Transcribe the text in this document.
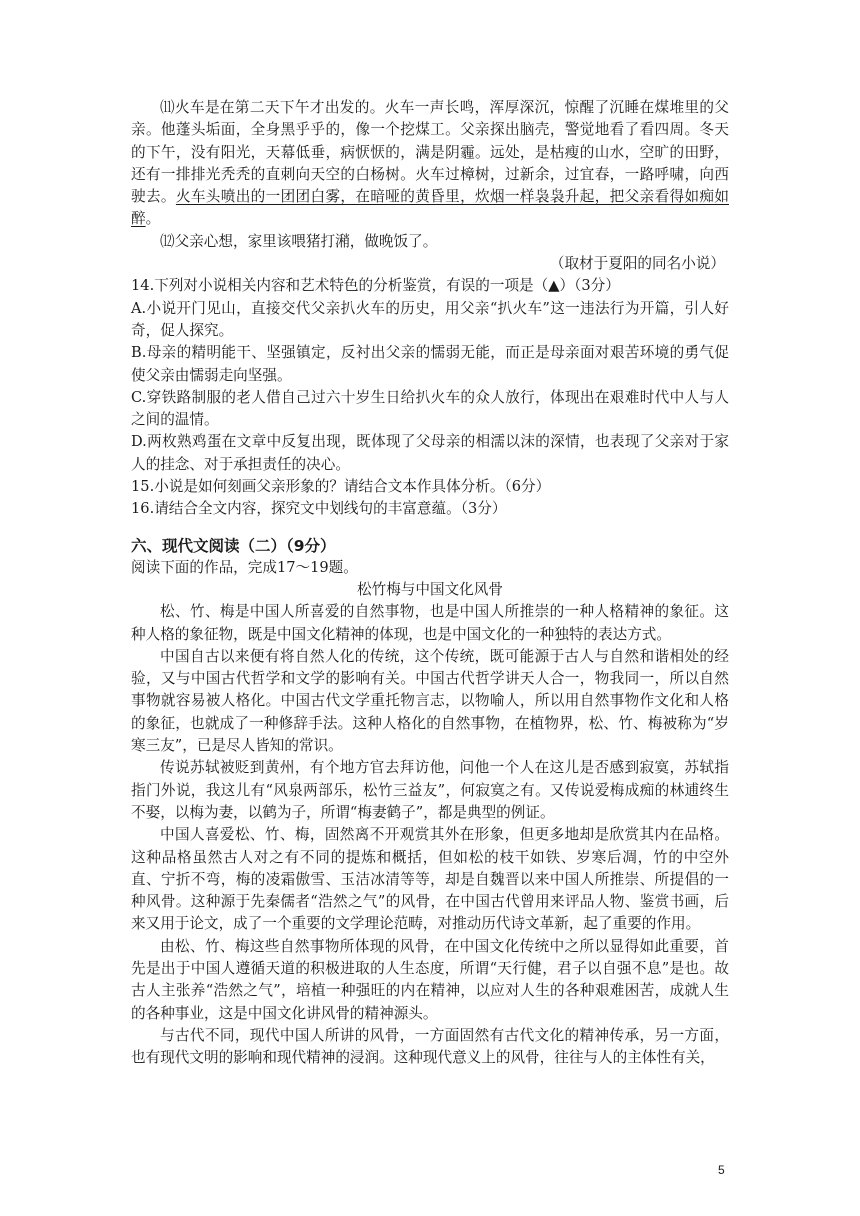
⑾火车是在第二天下午才出发的。火车一声长鸣，浑厚深沉，惊醒了沉睡在煤堆里的父亲。他蓬头垢面，全身黑乎乎的，像一个挖煤工。父亲探出脑壳，警觉地看了看四周。冬天的下午，没有阳光，天幕低垂，病恹恹的，满是阴霾。远处，是枯瘦的山水，空旷的田野，还有一排排光秃秃的直刺向天空的白杨树。火车过樟树，过新余，过宜春，一路呼啸，向西驶去。火车头喷出的一团团白雾，在暗哑的黄昏里，炊烟一样袅袅升起，把父亲看得如痴如醉。

⑿父亲心想，家里该喂猪打潲，做晚饭了。

（取材于夏阳的同名小说）

14.下列对小说相关内容和艺术特色的分析鉴赏，有误的一项是（▲）（3分）

A.小说开门见山，直接交代父亲扒火车的历史，用父亲“扒火车”这一违法行为开篇，引人好奇，促人探究。

B.母亲的精明能干、坚强镇定，反衬出父亲的懦弱无能，而正是母亲面对艰苦环境的勇气促使父亲由懦弱走向坚强。

C.穿铁路制服的老人借自己过六十岁生日给扒火车的众人放行，体现出在艰难时代中人与人之间的温情。

D.两枚熟鸡蛋在文章中反复出现，既体现了父母亲的相濡以沫的深情，也表现了父亲对于家人的挂念、对于承担责任的决心。

15.小说是如何刻画父亲形象的？请结合文本作具体分析。（6分）

16.请结合全文内容，探究文中划线句的丰富意蕴。（3分）

六、现代文阅读（二）（9分）

阅读下面的作品，完成17～19题。

松竹梅与中国文化风骨

松、竹、梅是中国人所喜爱的自然事物，也是中国人所推崇的一种人格精神的象征。这种人格的象征物，既是中国文化精神的体现，也是中国文化的一种独特的表达方式。

中国自古以来便有将自然人化的传统，这个传统，既可能源于古人与自然和谐相处的经验，又与中国古代哲学和文学的影响有关。中国古代哲学讲天人合一，物我同一，所以自然事物就容易被人格化。中国古代文学重托物言志，以物喻人，所以用自然事物作文化和人格的象征，也就成了一种修辞手法。这种人格化的自然事物，在植物界，松、竹、梅被称为“岁寒三友”，已是尽人皆知的常识。

传说苏轼被贬到黄州，有个地方官去拜访他，问他一个人在这儿是否感到寂寞，苏轼指指门外说，我这儿有“风泉两部乐，松竹三益友”，何寂寞之有。又传说爱梅成痴的林逋终生不娶，以梅为妻，以鹤为子，所谓“梅妻鹤子”，都是典型的例证。

中国人喜爱松、竹、梅，固然离不开观赏其外在形象，但更多地却是欣赏其内在品格。这种品格虽然古人对之有不同的提炼和概括，但如松的枝干如铁、岁寒后凋，竹的中空外直、宁折不弯，梅的凌霜傲雪、玉洁冰清等等，却是自魏晋以来中国人所推崇、所提倡的一种风骨。这种源于先秦儒者“浩然之气”的风骨，在中国古代曾用来评品人物、鉴赏书画，后来又用于论文，成了一个重要的文学理论范畴，对推动历代诗文革新，起了重要的作用。

由松、竹、梅这些自然事物所体现的风骨，在中国文化传统中之所以显得如此重要，首先是出于中国人遵循天道的积极进取的人生态度，所谓“天行健，君子以自强不息”是也。故古人主张养“浩然之气”，培植一种强旺的内在精神，以应对人生的各种艰难困苦，成就人生的各种事业，这是中国文化讲风骨的精神源头。

与古代不同，现代中国人所讲的风骨，一方面固然有古代文化的精神传承，另一方面，也有现代文明的影响和现代精神的浸润。这种现代意义上的风骨，往往与人的主体性有关，

5
